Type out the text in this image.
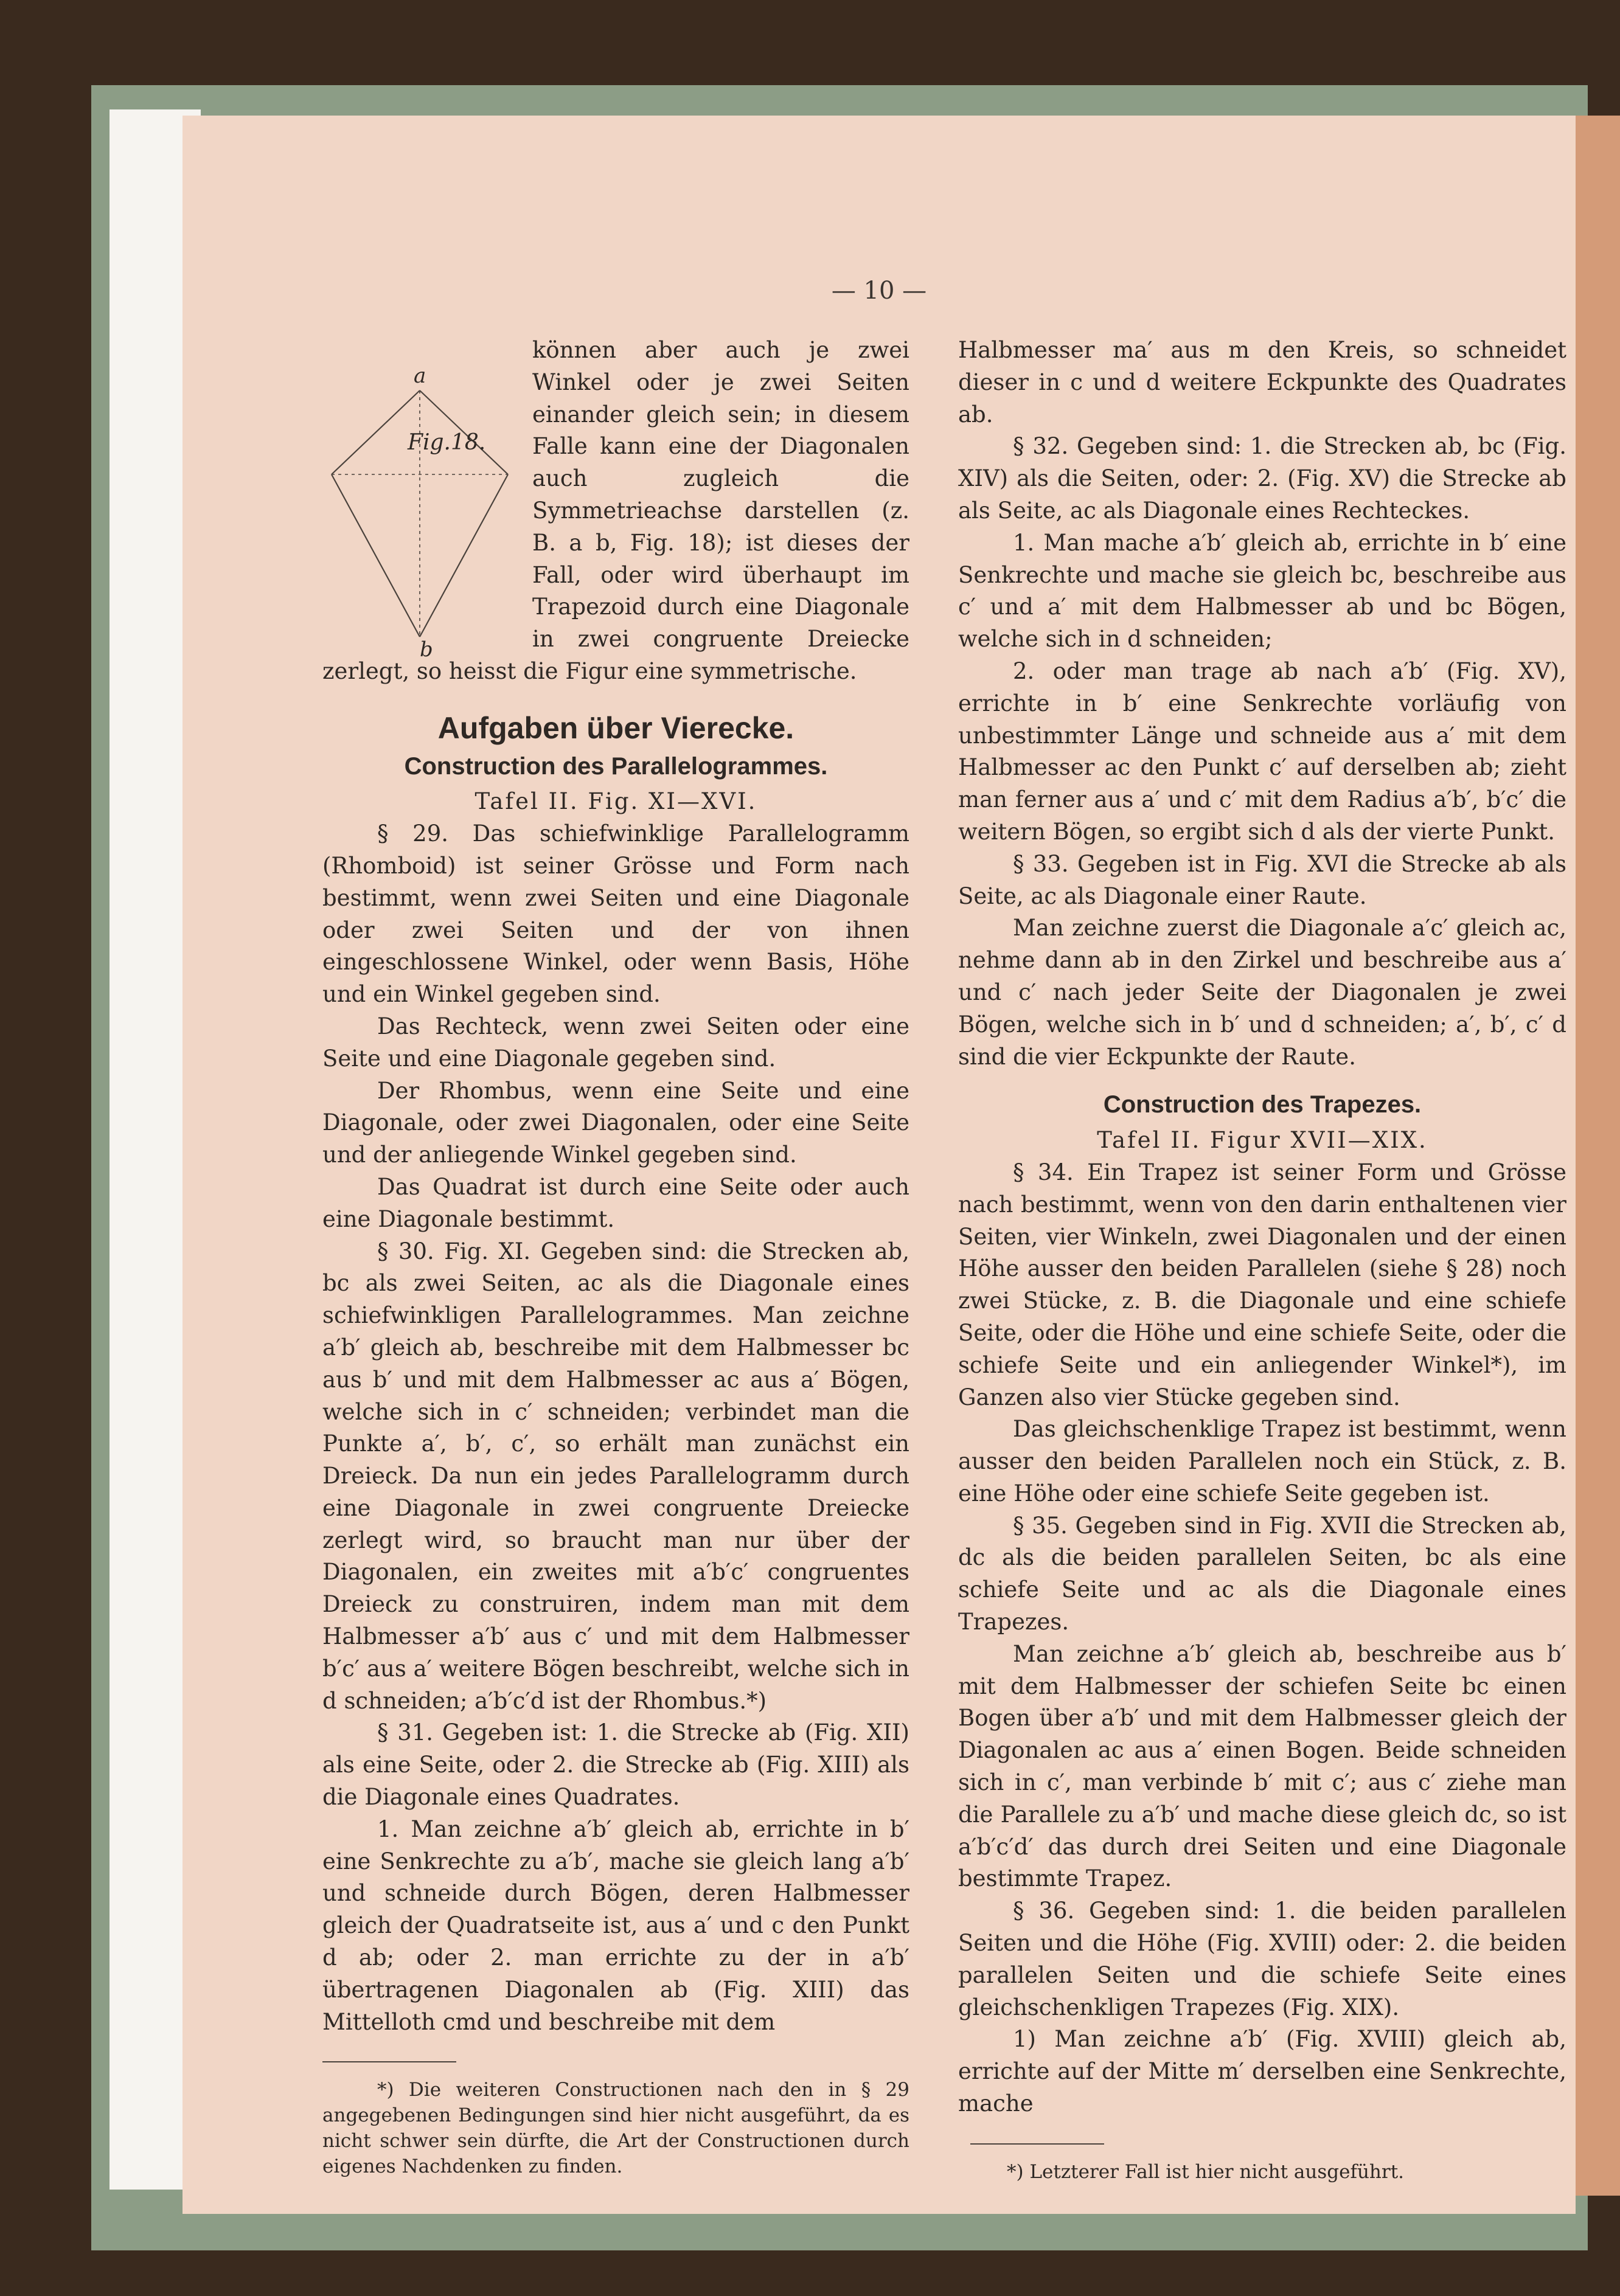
— 10 —
a
Fig.18.
b

können aber auch je zwei Winkel oder je zwei Seiten einander gleich sein; in diesem Falle kann eine der Diagonalen auch zugleich die Symmetrieachse darstellen (z. B. a b, Fig. 18); ist dieses der Fall, oder wird überhaupt im Trapezoid durch eine Diagonale in zwei congruente Dreiecke zerlegt, so heisst die Figur eine symmetrische.

Aufgaben über Vierecke.
Construction des Parallelogrammes.
Tafel II. Fig. XI—XVI.

§ 29. Das schiefwinklige Parallelogramm (Rhomboid) ist seiner Grösse und Form nach bestimmt, wenn zwei Seiten und eine Diagonale oder zwei Seiten und der von ihnen eingeschlossene Winkel, oder wenn Basis, Höhe und ein Winkel gegeben sind.

Das Rechteck, wenn zwei Seiten oder eine Seite und eine Diagonale gegeben sind.

Der Rhombus, wenn eine Seite und eine Diagonale, oder zwei Diagonalen, oder eine Seite und der anliegende Winkel gegeben sind.

Das Quadrat ist durch eine Seite oder auch eine Diagonale bestimmt.

§ 30. Fig. XI. Gegeben sind: die Strecken ab, bc als zwei Seiten, ac als die Diagonale eines schiefwinkligen Parallelogrammes. Man zeichne a′b′ gleich ab, beschreibe mit dem Halbmesser bc aus b′ und mit dem Halbmesser ac aus a′ Bögen, welche sich in c′ schneiden; verbindet man die Punkte a′, b′, c′, so erhält man zunächst ein Dreieck. Da nun ein jedes Parallelogramm durch eine Diagonale in zwei congruente Dreiecke zerlegt wird, so braucht man nur über der Diagonalen, ein zweites mit a′b′c′ congruentes Dreieck zu construiren, indem man mit dem Halbmesser a′b′ aus c′ und mit dem Halbmesser b′c′ aus a′ weitere Bögen beschreibt, welche sich in d schneiden; a′b′c′d ist der Rhombus.*)

§ 31. Gegeben ist: 1. die Strecke ab (Fig. XII) als eine Seite, oder 2. die Strecke ab (Fig. XIII) als die Diagonale eines Quadrates.

1. Man zeichne a′b′ gleich ab, errichte in b′ eine Senkrechte zu a′b′, mache sie gleich lang a′b′ und schneide durch Bögen, deren Halbmesser gleich der Quadratseite ist, aus a′ und c den Punkt d ab; oder 2. man errichte zu der in a′b′ übertragenen Diagonalen ab (Fig. XIII) das Mittelloth cmd und beschreibe mit dem

*) Die weiteren Constructionen nach den in § 29 angegebenen Bedingungen sind hier nicht ausgeführt, da es nicht schwer sein dürfte, die Art der Constructionen durch eigenes Nachdenken zu finden.

Halbmesser ma′ aus m den Kreis, so schneidet dieser in c und d weitere Eckpunkte des Quadrates ab.

§ 32. Gegeben sind: 1. die Strecken ab, bc (Fig. XIV) als die Seiten, oder: 2. (Fig. XV) die Strecke ab als Seite, ac als Diagonale eines Rechteckes.

1. Man mache a′b′ gleich ab, errichte in b′ eine Senkrechte und mache sie gleich bc, beschreibe aus c′ und a′ mit dem Halbmesser ab und bc Bögen, welche sich in d schneiden;

2. oder man trage ab nach a′b′ (Fig. XV), errichte in b′ eine Senkrechte vorläufig von unbestimmter Länge und schneide aus a′ mit dem Halbmesser ac den Punkt c′ auf derselben ab; zieht man ferner aus a′ und c′ mit dem Radius a′b′, b′c′ die weitern Bögen, so ergibt sich d als der vierte Punkt.

§ 33. Gegeben ist in Fig. XVI die Strecke ab als Seite, ac als Diagonale einer Raute.

Man zeichne zuerst die Diagonale a′c′ gleich ac, nehme dann ab in den Zirkel und beschreibe aus a′ und c′ nach jeder Seite der Diagonalen je zwei Bögen, welche sich in b′ und d schneiden; a′, b′, c′ d sind die vier Eckpunkte der Raute.

Construction des Trapezes.
Tafel II. Figur XVII—XIX.

§ 34. Ein Trapez ist seiner Form und Grösse nach bestimmt, wenn von den darin enthaltenen vier Seiten, vier Winkeln, zwei Diagonalen und der einen Höhe ausser den beiden Parallelen (siehe § 28) noch zwei Stücke, z. B. die Diagonale und eine schiefe Seite, oder die Höhe und eine schiefe Seite, oder die schiefe Seite und ein anliegender Winkel*), im Ganzen also vier Stücke gegeben sind.

Das gleichschenklige Trapez ist bestimmt, wenn ausser den beiden Parallelen noch ein Stück, z. B. eine Höhe oder eine schiefe Seite gegeben ist.

§ 35. Gegeben sind in Fig. XVII die Strecken ab, dc als die beiden parallelen Seiten, bc als eine schiefe Seite und ac als die Diagonale eines Trapezes.

Man zeichne a′b′ gleich ab, beschreibe aus b′ mit dem Halbmesser der schiefen Seite bc einen Bogen über a′b′ und mit dem Halbmesser gleich der Diagonalen ac aus a′ einen Bogen. Beide schneiden sich in c′, man verbinde b′ mit c′; aus c′ ziehe man die Parallele zu a′b′ und mache diese gleich dc, so ist a′b′c′d′ das durch drei Seiten und eine Diagonale bestimmte Trapez.

§ 36. Gegeben sind: 1. die beiden parallelen Seiten und die Höhe (Fig. XVIII) oder: 2. die beiden parallelen Seiten und die schiefe Seite eines gleichschenkligen Trapezes (Fig. XIX).

1) Man zeichne a′b′ (Fig. XVIII) gleich ab, errichte auf der Mitte m′ derselben eine Senkrechte, mache

*) Letzterer Fall ist hier nicht ausgeführt.
